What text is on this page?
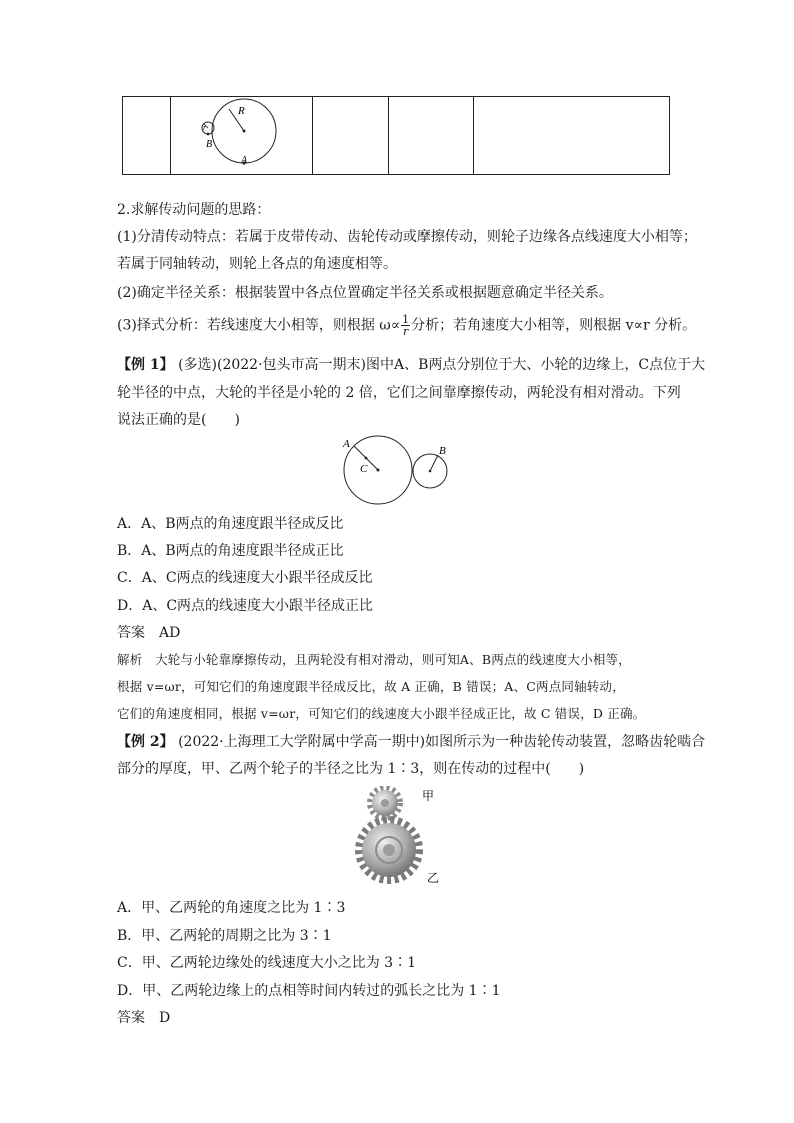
R
r
B
A
2.求解传动问题的思路：
(1)分清传动特点：若属于皮带传动、齿轮传动或摩擦传动，则轮子边缘各点线速度大小相等；
若属于同轴转动，则轮上各点的角速度相等。
(2)确定半径关系：根据装置中各点位置确定半径关系或根据题意确定半径关系。
(3)择式分析：若线速度大小相等，则根据 $\omega\propto \frac{1}{r}$ 分析；若角速度大小相等，则根据 v∝r 分析。
【例 1】 (多选)(2022·包头市高一期末)图中A、B两点分别位于大、小轮的边缘上，C点位于大
轮半径的中点，大轮的半径是小轮的 2 倍，它们之间靠摩擦传动，两轮没有相对滑动。下列
说法正确的是(　　)
A
C
B
A．A、B两点的角速度跟半径成反比
B．A、B两点的角速度跟半径成正比
C．A、C两点的线速度大小跟半径成反比
D．A、C两点的线速度大小跟半径成正比
答案　AD
解析　大轮与小轮靠摩擦传动，且两轮没有相对滑动，则可知A、B两点的线速度大小相等，
根据 v=ωr，可知它们的角速度跟半径成反比，故 A 正确，B 错误；A、C两点同轴转动，
它们的角速度相同，根据 v=ωr，可知它们的线速度大小跟半径成正比，故 C 错误，D 正确。
【例 2】 (2022·上海理工大学附属中学高一期中)如图所示为一种齿轮传动装置，忽略齿轮啮合
部分的厚度，甲、乙两个轮子的半径之比为 1∶3，则在传动的过程中(　　)
甲
乙
A．甲、乙两轮的角速度之比为 1∶3
B．甲、乙两轮的周期之比为 3∶1
C．甲、乙两轮边缘处的线速度大小之比为 3∶1
D．甲、乙两轮边缘上的点相等时间内转过的弧长之比为 1∶1
答案　D
